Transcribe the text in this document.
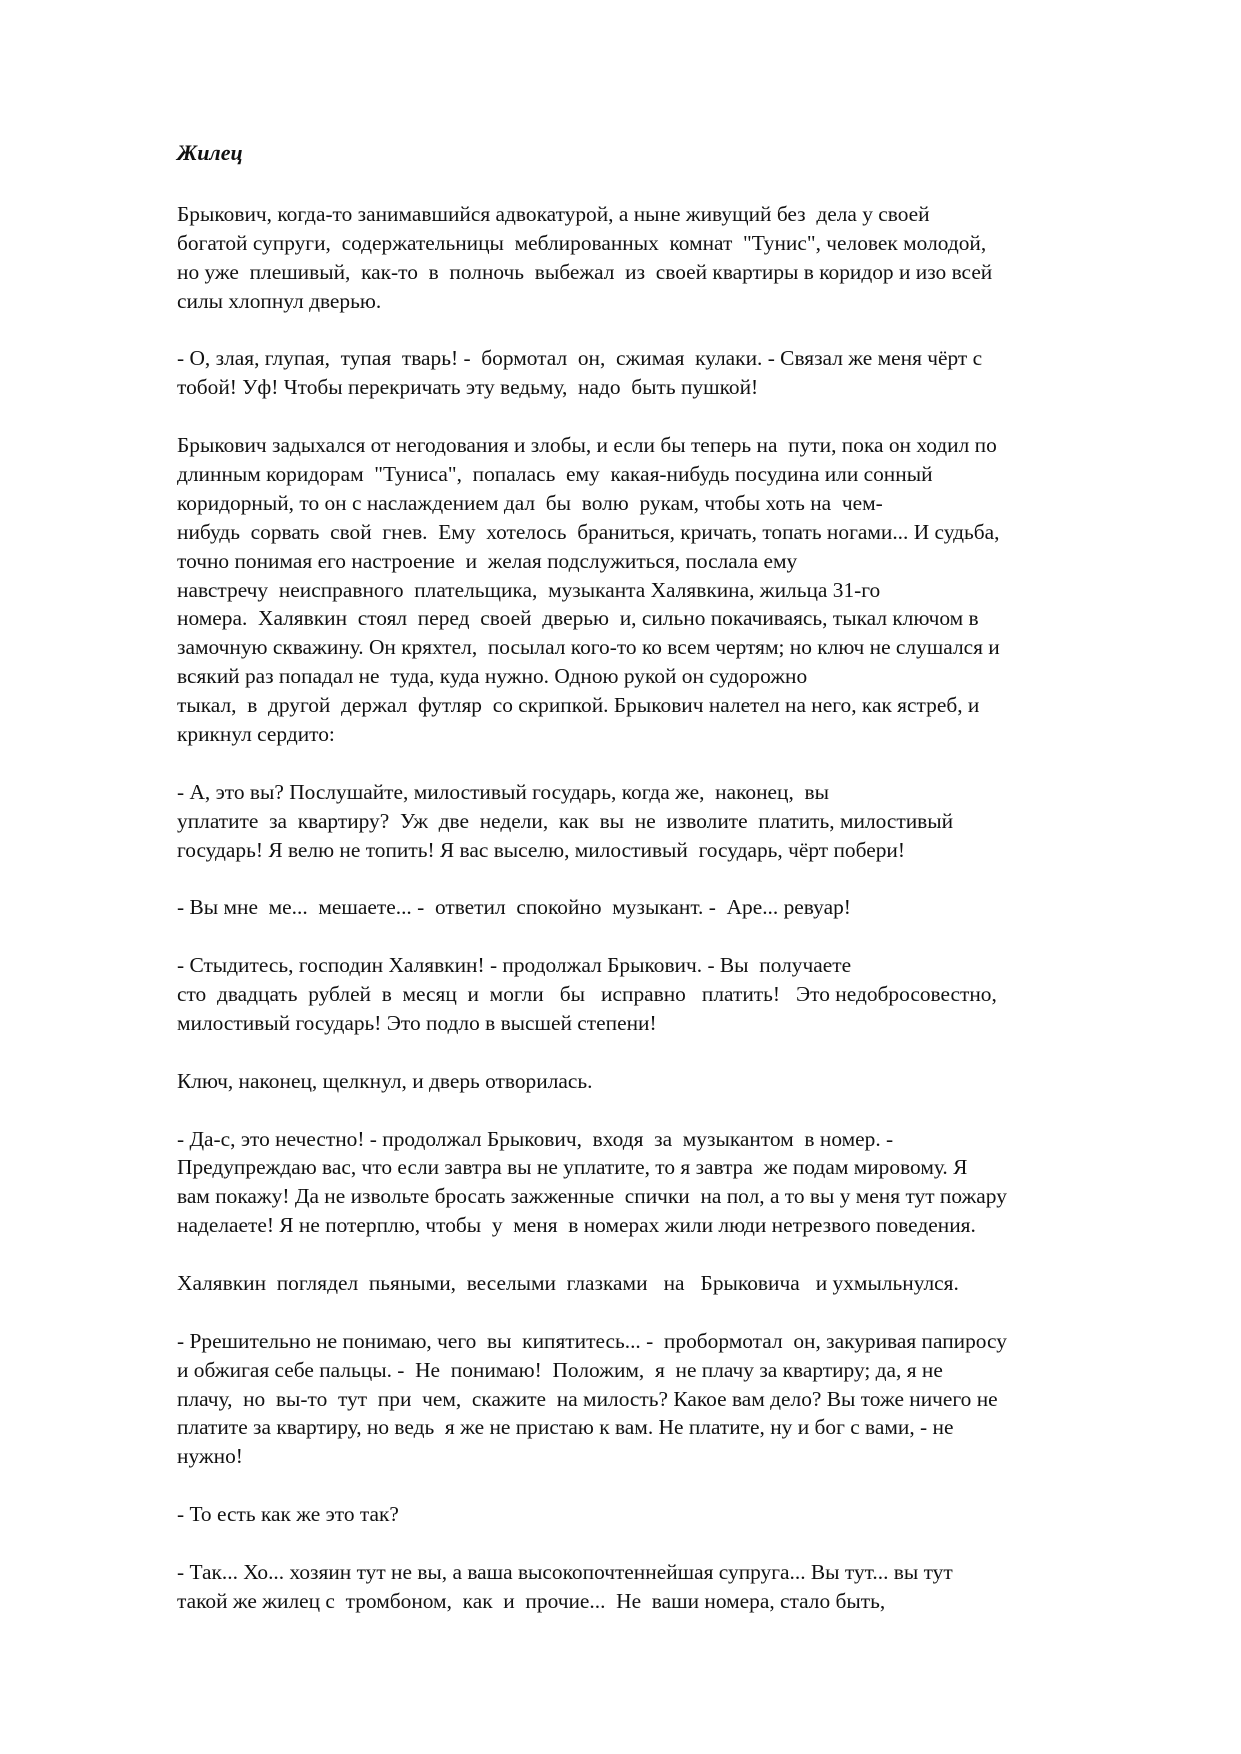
Жилец
Брыкович, когда-то занимавшийся адвокатурой, а ныне живущий без  дела у своей
богатой супруги,  содержательницы  меблированных  комнат  "Тунис", человек молодой,
но уже  плешивый,  как-то  в  полночь  выбежал  из  своей квартиры в коридор и изо всей
силы хлопнул дверью.
- О, злая, глупая,  тупая  тварь! -  бормотал  он,  сжимая  кулаки. - Связал же меня чёрт с
тобой! Уф! Чтобы перекричать эту ведьму,  надо  быть пушкой!
Брыкович задыхался от негодования и злобы, и если бы теперь на  пути, пока он ходил по
длинным коридорам  "Туниса",  попалась  ему  какая-нибудь посудина или сонный
коридорный, то он с наслаждением дал  бы  волю  рукам, чтобы хоть на  чем-
нибудь  сорвать  свой  гнев.  Ему  хотелось  браниться, кричать, топать ногами... И судьба,
точно понимая его настроение  и  желая подслужиться, послала ему
навстречу  неисправного  плательщика,  музыканта Халявкина, жильца 31-го
номера.  Халявкин  стоял  перед  своей  дверью  и, сильно покачиваясь, тыкал ключом в
замочную скважину. Он кряхтел,  посылал кого-то ко всем чертям; но ключ не слушался и
всякий раз попадал не  туда, куда нужно. Одною рукой он судорожно
тыкал,  в  другой  держал  футляр  со скрипкой. Брыкович налетел на него, как ястреб, и
крикнул сердито:
- А, это вы? Послушайте, милостивый государь, когда же,  наконец,  вы
уплатите  за  квартиру?  Уж  две  недели,  как  вы  не  изволите  платить, милостивый
государь! Я велю не топить! Я вас выселю, милостивый  государь, чёрт побери!
- Вы мне  ме...  мешаете... -  ответил  спокойно  музыкант. -  Аре... ревуар!
- Стыдитесь, господин Халявкин! - продолжал Брыкович. - Вы  получаете
сто  двадцать  рублей  в  месяц  и  могли   бы   исправно   платить!   Это недобросовестно,
милостивый государь! Это подло в высшей степени!
Ключ, наконец, щелкнул, и дверь отворилась.
- Да-с, это нечестно! - продолжал Брыкович,  входя  за  музыкантом  в номер. -
Предупреждаю вас, что если завтра вы не уплатите, то я завтра  же подам мировому. Я
вам покажу! Да не извольте бросать зажженные  спички  на пол, а то вы у меня тут пожару
наделаете! Я не потерплю, чтобы  у  меня  в номерах жили люди нетрезвого поведения.
Халявкин  поглядел  пьяными,  веселыми  глазками   на   Брыковича   и ухмыльнулся.
- Ррешительно не понимаю, чего  вы  кипятитесь... -  пробормотал  он, закуривая папиросу
и обжигая себе пальцы. -  Не  понимаю!  Положим,  я  не плачу за квартиру; да, я не
плачу,  но  вы-то  тут  при  чем,  скажите  на милость? Какое вам дело? Вы тоже ничего не
платите за квартиру, но ведь  я же не пристаю к вам. Не платите, ну и бог с вами, - не
нужно!
- То есть как же это так?
- Так... Хо... хозяин тут не вы, а ваша высокопочтеннейшая супруга... Вы тут... вы тут
такой же жилец с  тромбоном,  как  и  прочие...  Не  ваши номера, стало быть,
